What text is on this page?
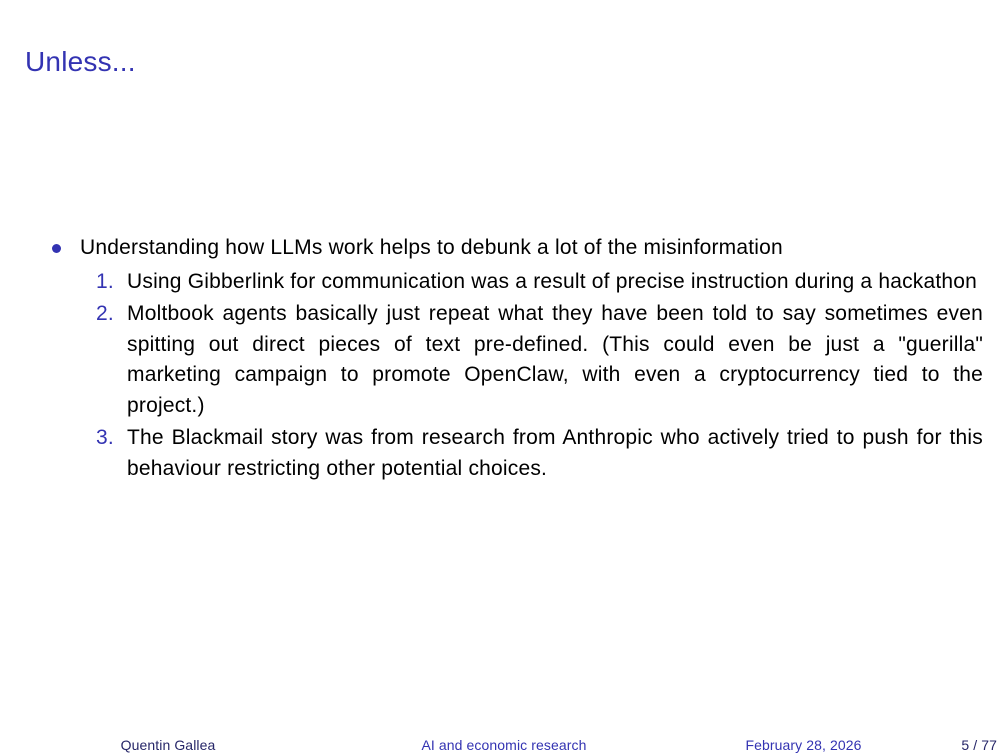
Unless...
Understanding how LLMs work helps to debunk a lot of the misinformation
1. Using Gibberlink for communication was a result of precise instruction during a hackathon
2. Moltbook agents basically just repeat what they have been told to say sometimes even spitting out direct pieces of text pre-defined. (This could even be just a "guerilla" marketing campaign to promote OpenClaw, with even a cryptocurrency tied to the project.)
3. The Blackmail story was from research from Anthropic who actively tried to push for this behaviour restricting other potential choices.
Quentin Gallea	AI and economic research	February 28, 2026	5 / 77
